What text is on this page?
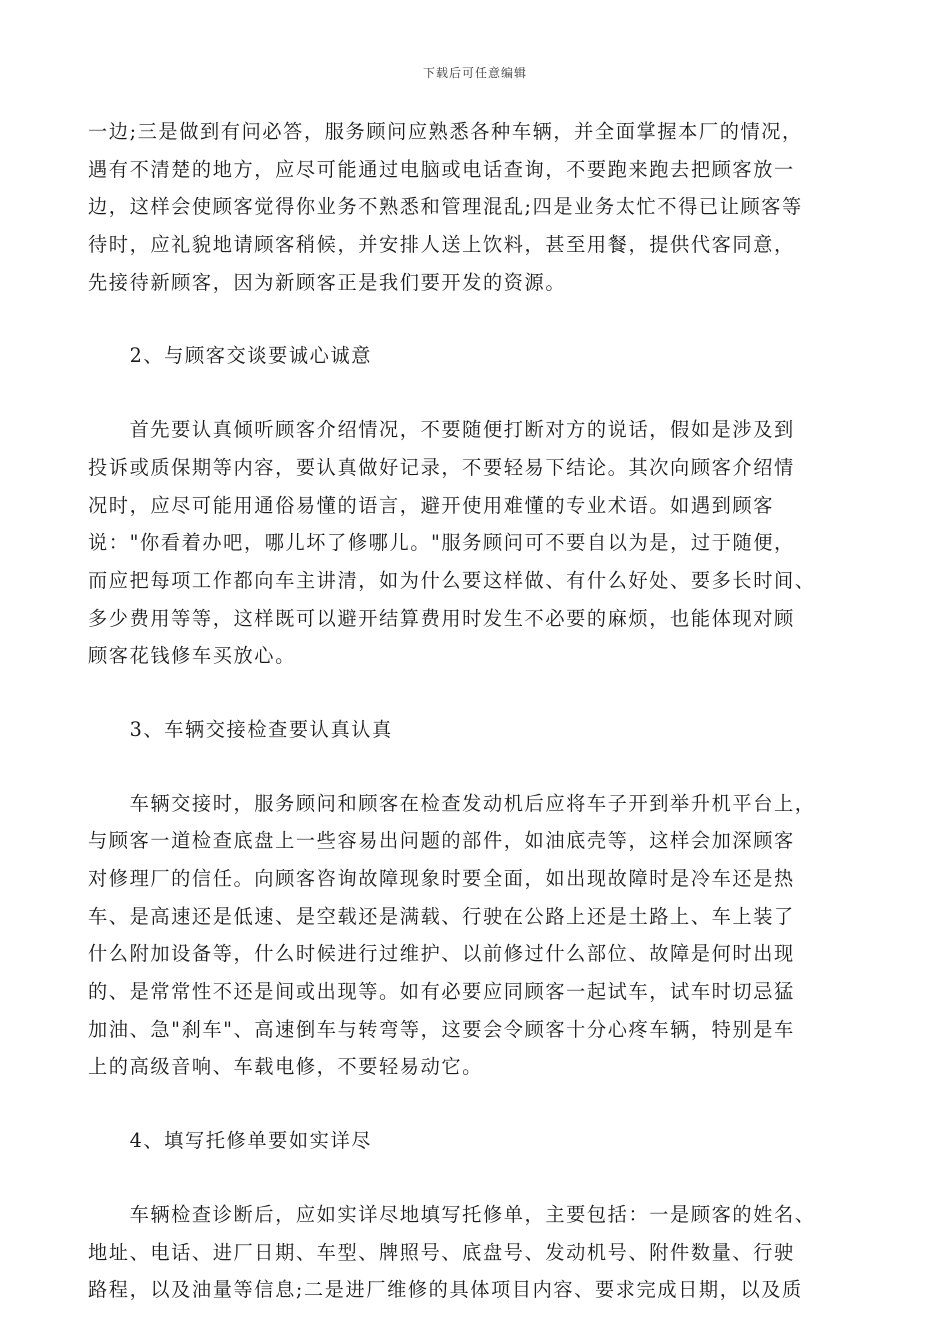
下载后可任意编辑
一边;三是做到有问必答，服务顾问应熟悉各种车辆，并全面掌握本厂的情况，
遇有不清楚的地方，应尽可能通过电脑或电话查询，不要跑来跑去把顾客放一
边，这样会使顾客觉得你业务不熟悉和管理混乱;四是业务太忙不得已让顾客等
待时，应礼貌地请顾客稍候，并安排人送上饮料，甚至用餐，提供代客同意，
先接待新顾客，因为新顾客正是我们要开发的资源。
　　2、与顾客交谈要诚心诚意
　　首先要认真倾听顾客介绍情况，不要随便打断对方的说话，假如是涉及到
投诉或质保期等内容，要认真做好记录，不要轻易下结论。其次向顾客介绍情
况时，应尽可能用通俗易懂的语言，避开使用难懂的专业术语。如遇到顾客
说："你看着办吧，哪儿坏了修哪儿。"服务顾问可不要自以为是，过于随便，
而应把每项工作都向车主讲清，如为什么要这样做、有什么好处、要多长时间、
多少费用等等，这样既可以避开结算费用时发生不必要的麻烦，也能体现对顾
顾客花钱修车买放心。
　　3、车辆交接检查要认真认真
　　车辆交接时，服务顾问和顾客在检查发动机后应将车子开到举升机平台上，
与顾客一道检查底盘上一些容易出问题的部件，如油底壳等，这样会加深顾客
对修理厂的信任。向顾客咨询故障现象时要全面，如出现故障时是冷车还是热
车、是高速还是低速、是空载还是满载、行驶在公路上还是土路上、车上装了
什么附加设备等，什么时候进行过维护、以前修过什么部位、故障是何时出现
的、是常常性不还是间或出现等。如有必要应同顾客一起试车，试车时切忌猛
加油、急"刹车"、高速倒车与转弯等，这要会令顾客十分心疼车辆，特别是车
上的高级音响、车载电修，不要轻易动它。
　　4、填写托修单要如实详尽
　　车辆检查诊断后，应如实详尽地填写托修单，主要包括：一是顾客的姓名、
地址、电话、进厂日期、车型、牌照号、底盘号、发动机号、附件数量、行驶
路程，以及油量等信息;二是进厂维修的具体项目内容、要求完成日期，以及质
